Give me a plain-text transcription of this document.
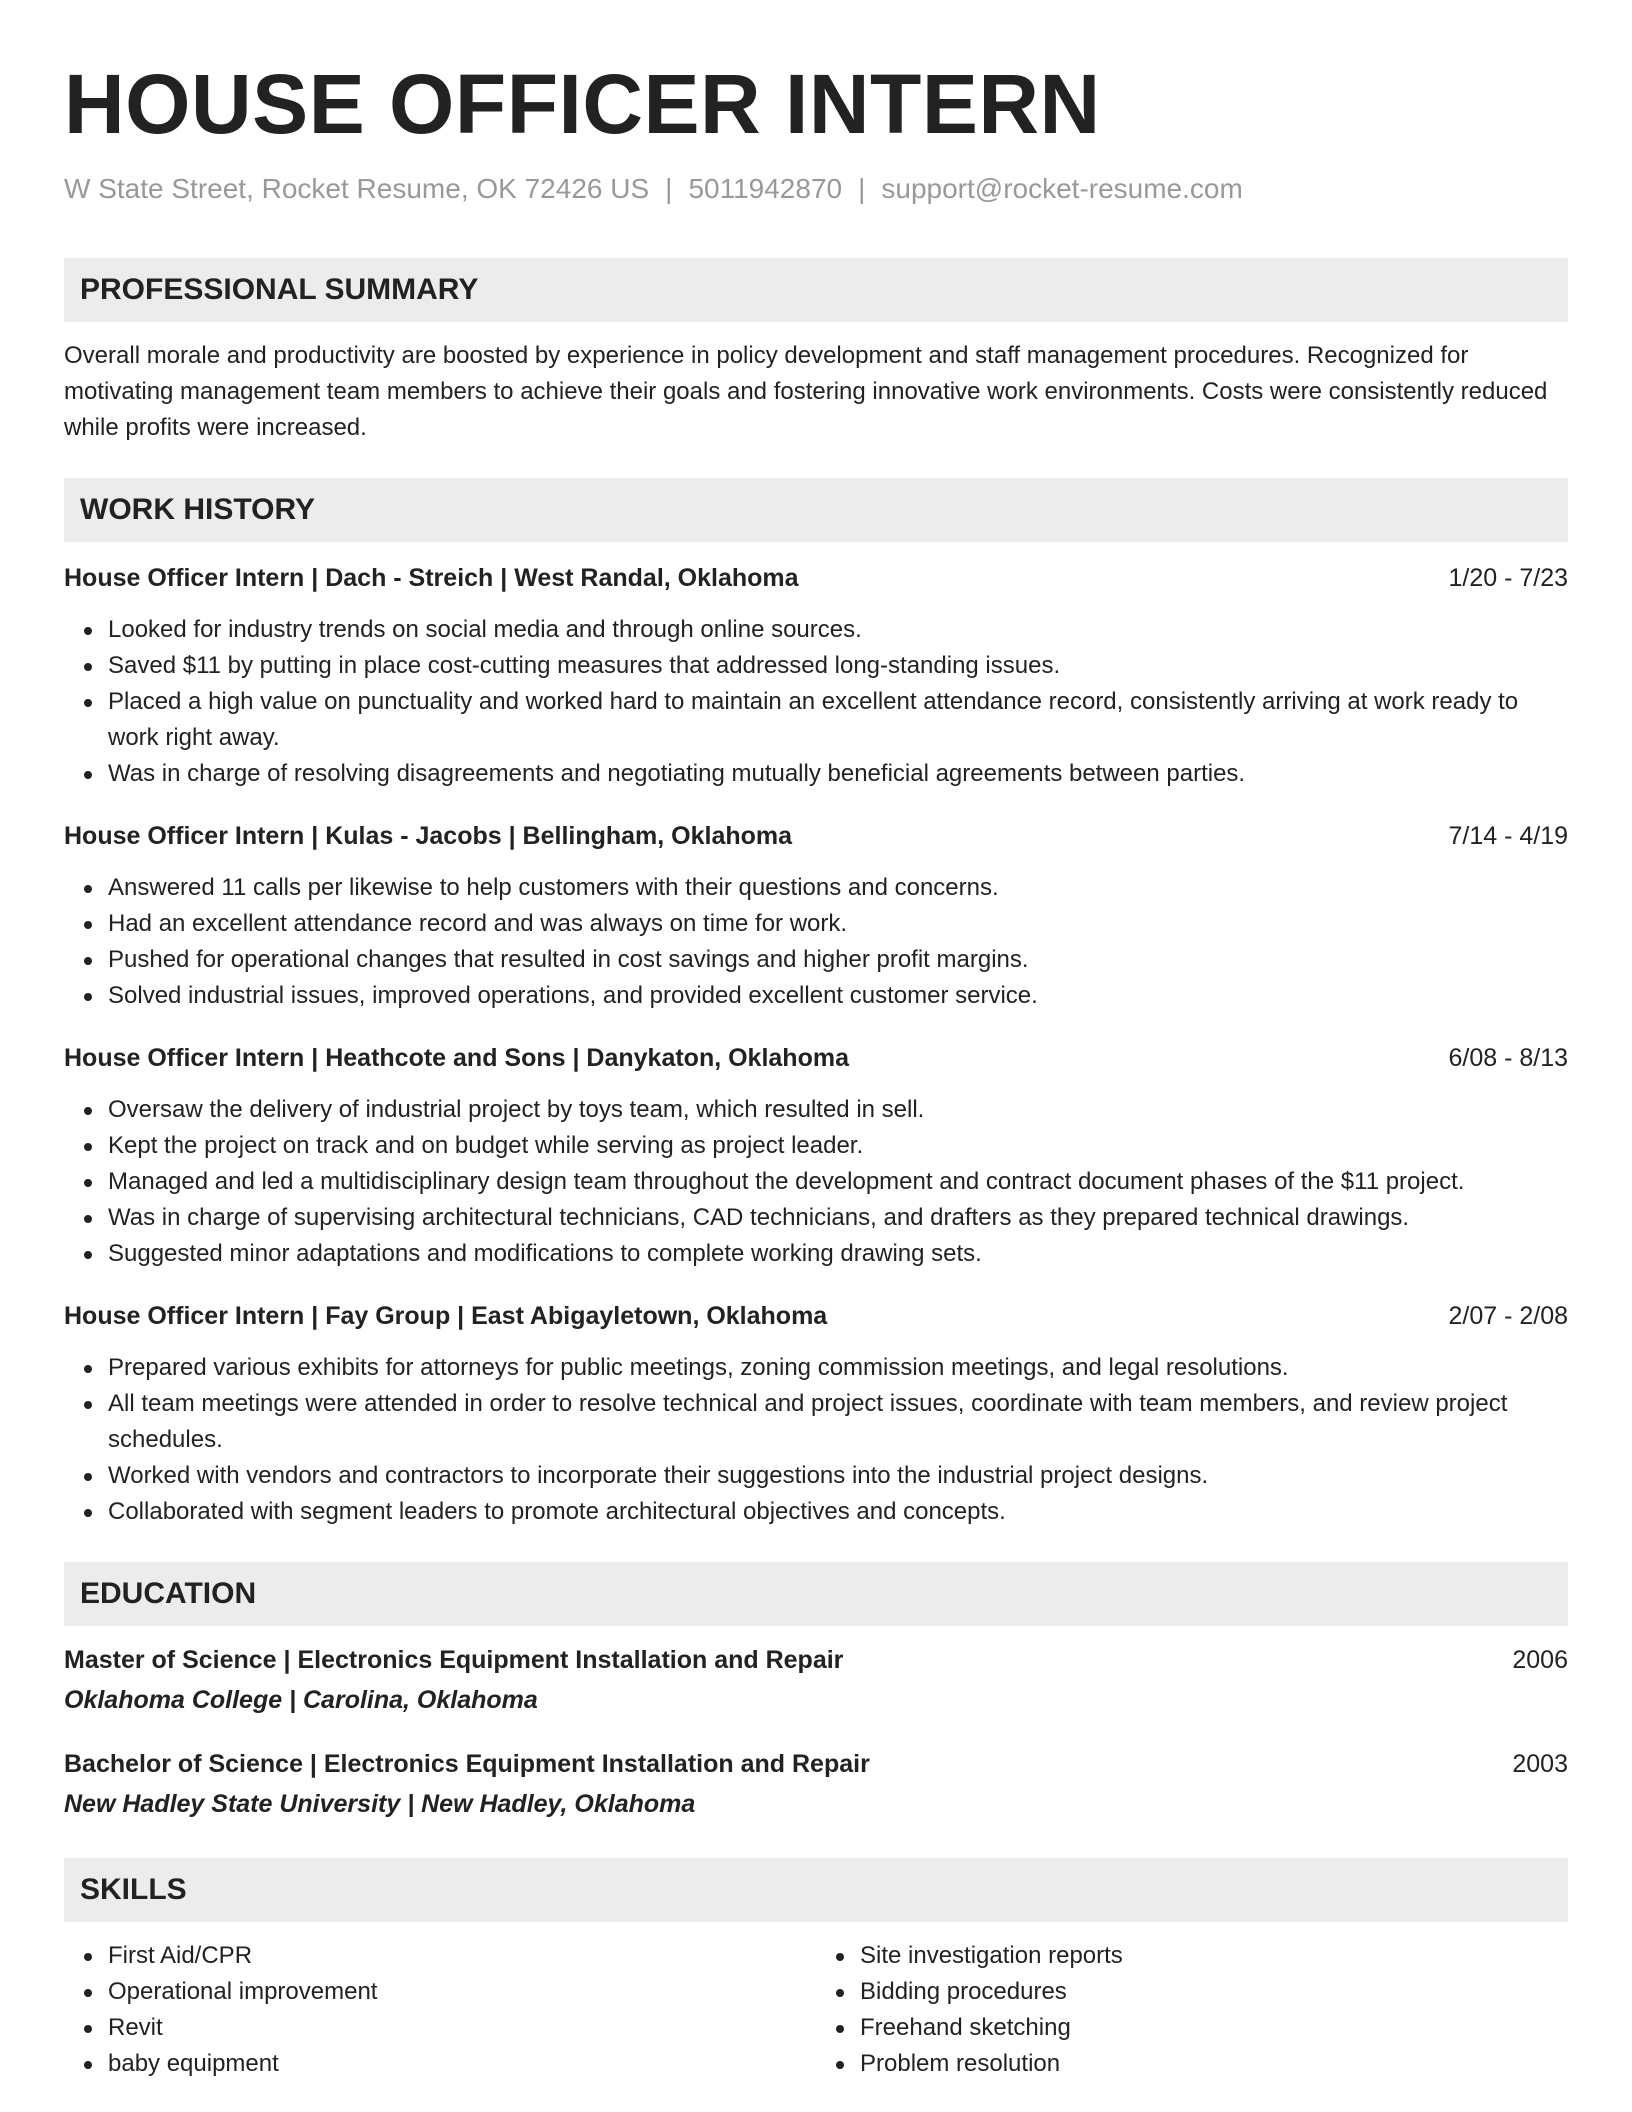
HOUSE OFFICER INTERN
W State Street, Rocket Resume, OK 72426 US | 5011942870 | support@rocket-resume.com
PROFESSIONAL SUMMARY

Overall morale and productivity are boosted by experience in policy development and staff management procedures. Recognized for motivating management team members to achieve their goals and fostering innovative work environments. Costs were consistently reduced while profits were increased.

WORK HISTORY
House Officer Intern | Dach - Streich | West Randal, Oklahoma	1/20 - 7/23
Looked for industry trends on social media and through online sources.
Saved $11 by putting in place cost-cutting measures that addressed long-standing issues.
Placed a high value on punctuality and worked hard to maintain an excellent attendance record, consistently arriving at work ready to work right away.
Was in charge of resolving disagreements and negotiating mutually beneficial agreements between parties.
House Officer Intern | Kulas - Jacobs | Bellingham, Oklahoma	7/14 - 4/19
Answered 11 calls per likewise to help customers with their questions and concerns.
Had an excellent attendance record and was always on time for work.
Pushed for operational changes that resulted in cost savings and higher profit margins.
Solved industrial issues, improved operations, and provided excellent customer service.
House Officer Intern | Heathcote and Sons | Danykaton, Oklahoma	6/08 - 8/13
Oversaw the delivery of industrial project by toys team, which resulted in sell.
Kept the project on track and on budget while serving as project leader.
Managed and led a multidisciplinary design team throughout the development and contract document phases of the $11 project.
Was in charge of supervising architectural technicians, CAD technicians, and drafters as they prepared technical drawings.
Suggested minor adaptations and modifications to complete working drawing sets.
House Officer Intern | Fay Group | East Abigayletown, Oklahoma	2/07 - 2/08
Prepared various exhibits for attorneys for public meetings, zoning commission meetings, and legal resolutions.
All team meetings were attended in order to resolve technical and project issues, coordinate with team members, and review project schedules.
Worked with vendors and contractors to incorporate their suggestions into the industrial project designs.
Collaborated with segment leaders to promote architectural objectives and concepts.
EDUCATION
Master of Science | Electronics Equipment Installation and Repair	2006
Oklahoma College | Carolina, Oklahoma
Bachelor of Science | Electronics Equipment Installation and Repair	2003
New Hadley State University | New Hadley, Oklahoma
SKILLS
First Aid/CPR
Operational improvement
Revit
baby equipment
Site investigation reports
Bidding procedures
Freehand sketching
Problem resolution
